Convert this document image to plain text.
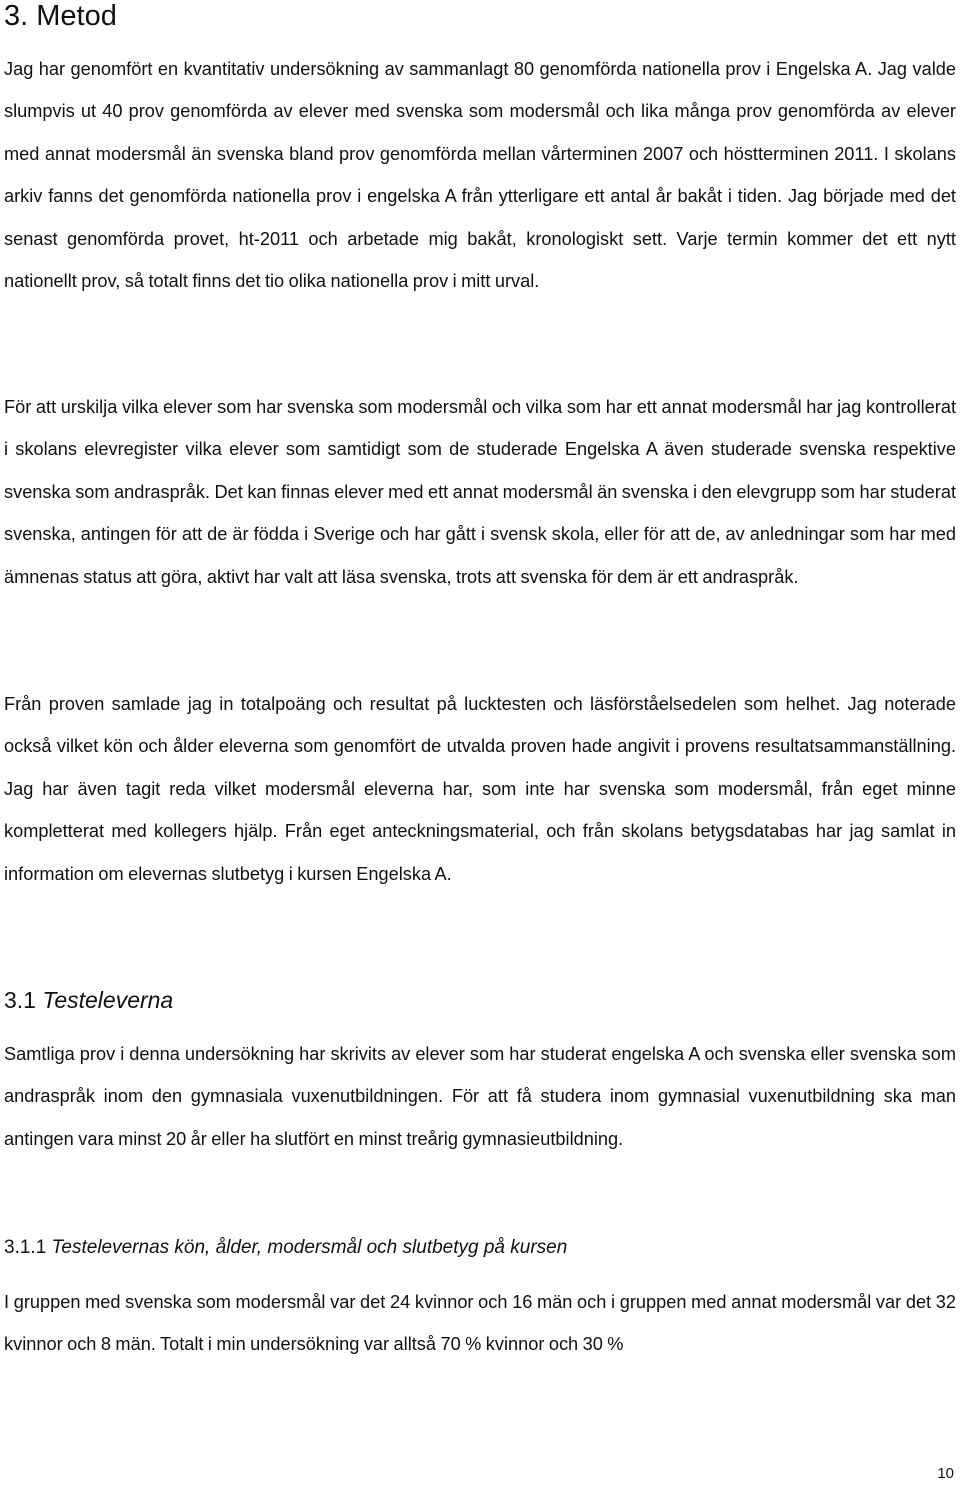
3. Metod

Jag har genomfört en kvantitativ undersökning av sammanlagt 80 genomförda nationella prov i Engelska A. Jag valde slumpvis ut 40 prov genomförda av elever med svenska som modersmål och lika många prov genomförda av elever med annat modersmål än svenska bland prov genomförda mellan vårterminen 2007 och höstterminen 2011. I skolans arkiv fanns det genomförda nationella prov i engelska A från ytterligare ett antal år bakåt i tiden. Jag började med det senast genomförda provet, ht-2011 och arbetade mig bakåt, kronologiskt sett. Varje termin kommer det ett nytt nationellt prov, så totalt finns det tio olika nationella prov i mitt urval.

För att urskilja vilka elever som har svenska som modersmål och vilka som har ett annat modersmål har jag kontrollerat i skolans elevregister vilka elever som samtidigt som de studerade Engelska A även studerade svenska respektive svenska som andraspråk. Det kan finnas elever med ett annat modersmål än svenska i den elevgrupp som har studerat svenska, antingen för att de är födda i Sverige och har gått i svensk skola, eller för att de, av anledningar som har med ämnenas status att göra, aktivt har valt att läsa svenska, trots att svenska för dem är ett andraspråk.

Från proven samlade jag in totalpoäng och resultat på lucktesten och läsförståelsedelen som helhet. Jag noterade också vilket kön och ålder eleverna som genomfört de utvalda proven hade angivit i provens resultatsammanställning. Jag har även tagit reda vilket modersmål eleverna har, som inte har svenska som modersmål, från eget minne kompletterat med kollegers hjälp. Från eget anteckningsmaterial, och från skolans betygsdatabas har jag samlat in information om elevernas slutbetyg i kursen Engelska A.

3.1 Testeleverna

Samtliga prov i denna undersökning har skrivits av elever som har studerat engelska A och svenska eller svenska som andraspråk inom den gymnasiala vuxenutbildningen. För att få studera inom gymnasial vuxenutbildning ska man antingen vara minst 20 år eller ha slutfört en minst treårig gymnasieutbildning.

3.1.1 Testelevernas kön, ålder, modersmål och slutbetyg på kursen

I gruppen med svenska som modersmål var det 24 kvinnor och 16 män och i gruppen med annat modersmål var det 32 kvinnor och 8 män. Totalt i min undersökning var alltså 70 % kvinnor och 30 %

10
